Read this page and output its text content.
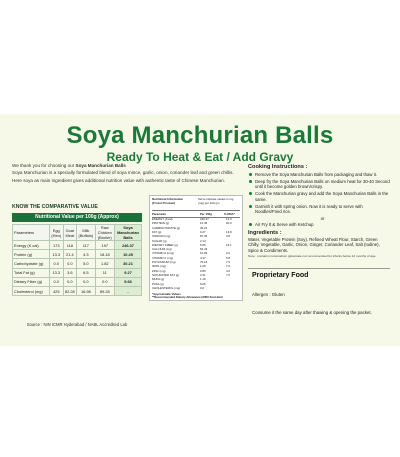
Soya Manchurian Balls
Ready To Heat & Eat / Add Gravy
We thank you for choosing our Soya Manchurian Balls
Soya Manchurian is a specially formulated blend of soya mince, garlic, onion, coriander leaf and green chillis.
Here soya as main ingredient gives additional nutrition value with authentic taste of Chinese Manchurian.
KNOW THE COMPARATIVE VALUE
Nutritional Value per 100g (Approx)
Parameters	Egg (Hen)	Goat Meat	Milk (Buffalo)	Raw Chicken (Broiler)	Soya Manchurian Balls
Energy (K cal)	173	118	117	197	246.37
Protein (g)	13.3	21.4	4.3	18.18	10.45
Carbohydrate (g)	0.0	0.0	5.0	1.82	30.21
Total Fat (g)	13.3	3.6	6.5	11	9.27
Dietary Fiber (g)	0.0	0.0	0.0	0.0	5.66
Cholesterol (mg)	425	82.28	16.98	89.28	-
Source : NIN ICMR Hyderabad / NABL Accredited Lab
Nutritional Information (Frozen Product)
Serve indicate values in mg (mg) per 100 gm
Parameter	Per 100g	% RDA*
ENERGY (Kcal)	246.37	12.3
PROTEIN (g)	10.45	20.9
CARBOHYDRATE (g)	30.21
FAT (g)	9.27	13.8
SODIUM (mg)	87.35	3.8
SUGAR (g)	2.14
DIETARY FIBER (g)	5.66	15.1
CALCIUM (mg)	54.43
VITAMIN A (mcg)	10.09	2.0
VITAMIN C (mg)	4.37	5.8
POTASSIUM (mg)	76.18	7.6
IRON (mg)	1.69	7.0
ZINC (mg)	0.80	4.0
SATURATED FAT (g)	2.31	7.0
MUFA (g)	1.19
PUFA (g)	5.06
CHOLESTEROL (mg)	0.0
*Approximate Values
**Recommended Dietary Allowance (2000 Kcal diet)
Cooking Instructions :
Remove the Soya Manchurian Balls from packaging and thaw it.
Deep fry the Soya Manchurian Balls on medium heat for 30-40 Second until it become golden brown/crispy.
Cook the Manchurian gravy and add the Soya Manchurian Balls in the same.
Garnish it with spring onion. Now it is ready to serve with Noodles/Fried rice.
or
Air Fry It & Serve with Ketchup
Ingredients :
Water, Vegetable Protein (Soy), Refined Wheat Flour, Starch, Green Chilly, Vegetable, Garlic, Onion, Ginger, Coriander Leaf, Salt (Iodine), Spice & Condiments.
Note : contains monosodium glutamate not recommended for infants below 12 months of age.
Proprietary Food
Allergen : Gluten
Consume it the same day after thawing & opening the packet.
